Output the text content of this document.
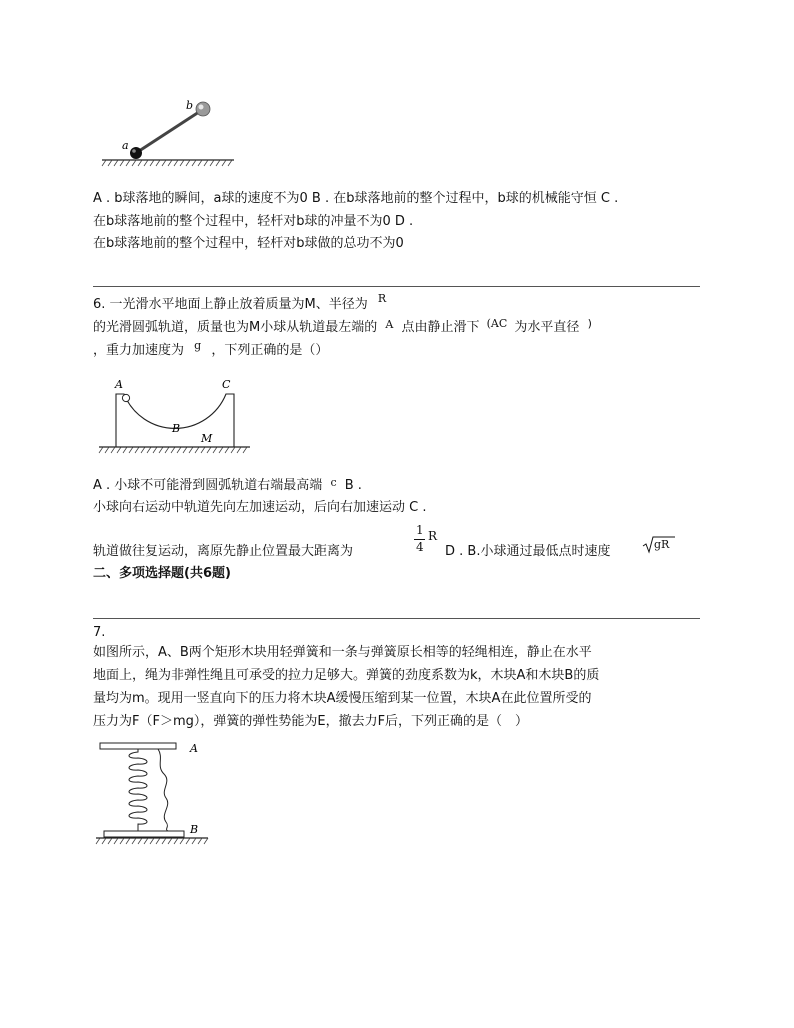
a
b
A . b球落地的瞬间，a球的速度不为0 B . 在b球落地前的整个过程中，b球的机械能守恒 C .
在b球落地前的整个过程中，轻杆对b球的冲量不为0 D .
在b球落地前的整个过程中，轻杆对b球做的总功不为0
6. 一光滑水平地面上静止放着质量为M、半径为 $^R$
的光滑圆弧轨道，质量也为M小球从轨道最左端的 $^A$ 点由静止滑下 $^{(AC}$ 为水平直径 )
，重力加速度为 $^g$ ，下列正确的是（）
A	C
B
M
A . 小球不可能滑到圆弧轨道右端最高端 $^c$ B .
小球向右运动中轨道先向左加速运动，后向右加速运动 C .
轨道做往复运动，离原先静止位置最大距离为
1
4
R
D . B.小球通过最低点时速度	gR
二、多项选择题(共6题)
7.
如图所示，A、B两个矩形木块用轻弹簧和一条与弹簧原长相等的轻绳相连，静止在水平
地面上，绳为非弹性绳且可承受的拉力足够大。弹簧的劲度系数为k，木块A和木块B的质
量均为m。现用一竖直向下的压力将木块A缓慢压缩到某一位置，木块A在此位置所受的
压力为F（F＞mg），弹簧的弹性势能为E，撤去力F后，下列正确的是（　）
A
B
